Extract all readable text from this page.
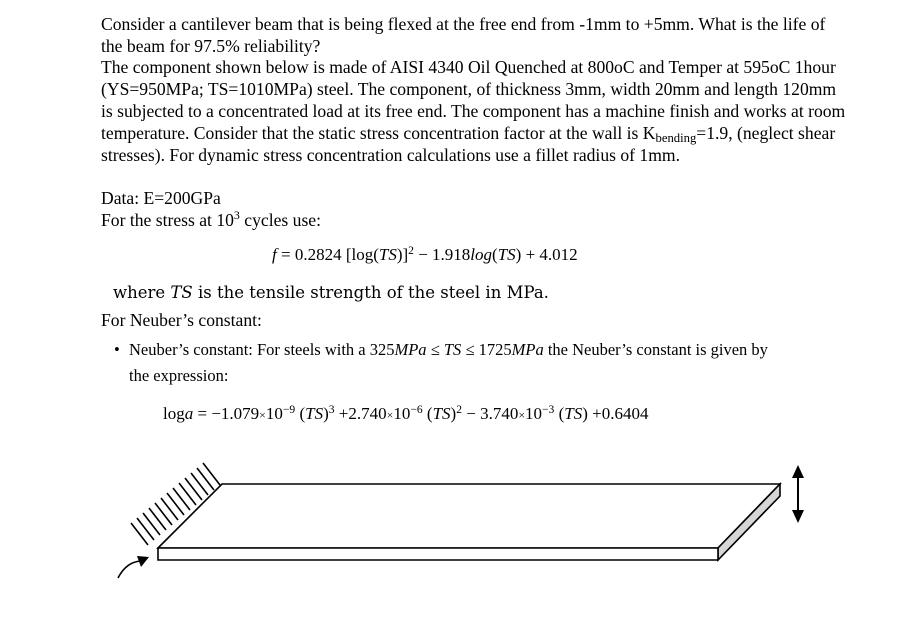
Consider a cantilever beam that is being flexed at the free end from -1mm to +5mm. What is the life of the beam for 97.5% reliability?

The component shown below is made of AISI 4340 Oil Quenched at 800oC and Temper at 595oC 1hour (YS=950MPa; TS=1010MPa) steel. The component, of thickness 3mm, width 20mm and length 120mm is subjected to a concentrated load at its free end. The component has a machine finish and works at room temperature. Consider that the static stress concentration factor at the wall is $K_{bending}=1.9$, (neglect shear stresses). For dynamic stress concentration calculations use a fillet radius of 1mm.

Data: E=200GPa

For the stress at $10^3$ cycles use:

f = 0.2824 $[\log(TS)]^2 - 1.918\log(TS) + 4.012$
where TS is the tensile strength of the steel in MPa.

For Neuber’s constant:

• Neuber’s constant: For steels with a 325MPa ≤ TS ≤ 1725MPa the Neuber’s constant is given by the expression:
$\log a = -1.079\times 10^{-9}$ $(TS)^3 +2.740\times 10^{-6}$ $(TS)^2 - 3.740\times 10^{-3}$ (TS) +0.6404
